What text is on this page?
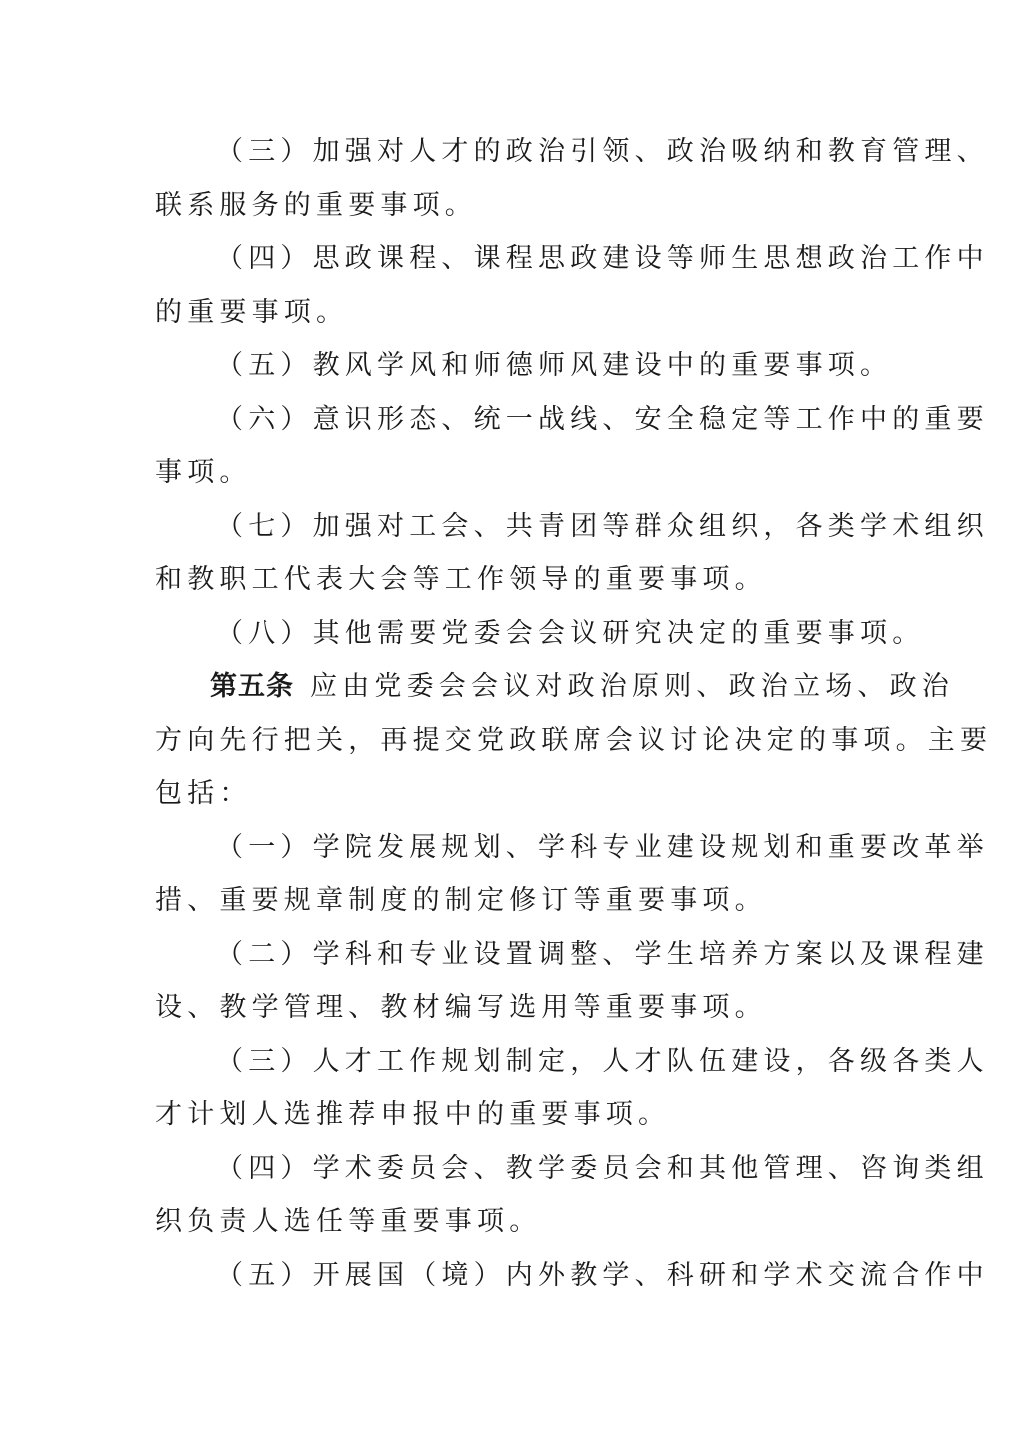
（三）加强对人才的政治引领、政治吸纳和教育管理、
联系服务的重要事项。
（四）思政课程、课程思政建设等师生思想政治工作中
的重要事项。
（五）教风学风和师德师风建设中的重要事项。
（六）意识形态、统一战线、安全稳定等工作中的重要
事项。
（七）加强对工会、共青团等群众组织，各类学术组织
和教职工代表大会等工作领导的重要事项。
（八）其他需要党委会会议研究决定的重要事项。
第五条 应由党委会会议对政治原则、政治立场、政治
方向先行把关，再提交党政联席会议讨论决定的事项。主要
包括：
（一）学院发展规划、学科专业建设规划和重要改革举
措、重要规章制度的制定修订等重要事项。
（二）学科和专业设置调整、学生培养方案以及课程建
设、教学管理、教材编写选用等重要事项。
（三）人才工作规划制定，人才队伍建设，各级各类人
才计划人选推荐申报中的重要事项。
（四）学术委员会、教学委员会和其他管理、咨询类组
织负责人选任等重要事项。
（五）开展国（境）内外教学、科研和学术交流合作中
